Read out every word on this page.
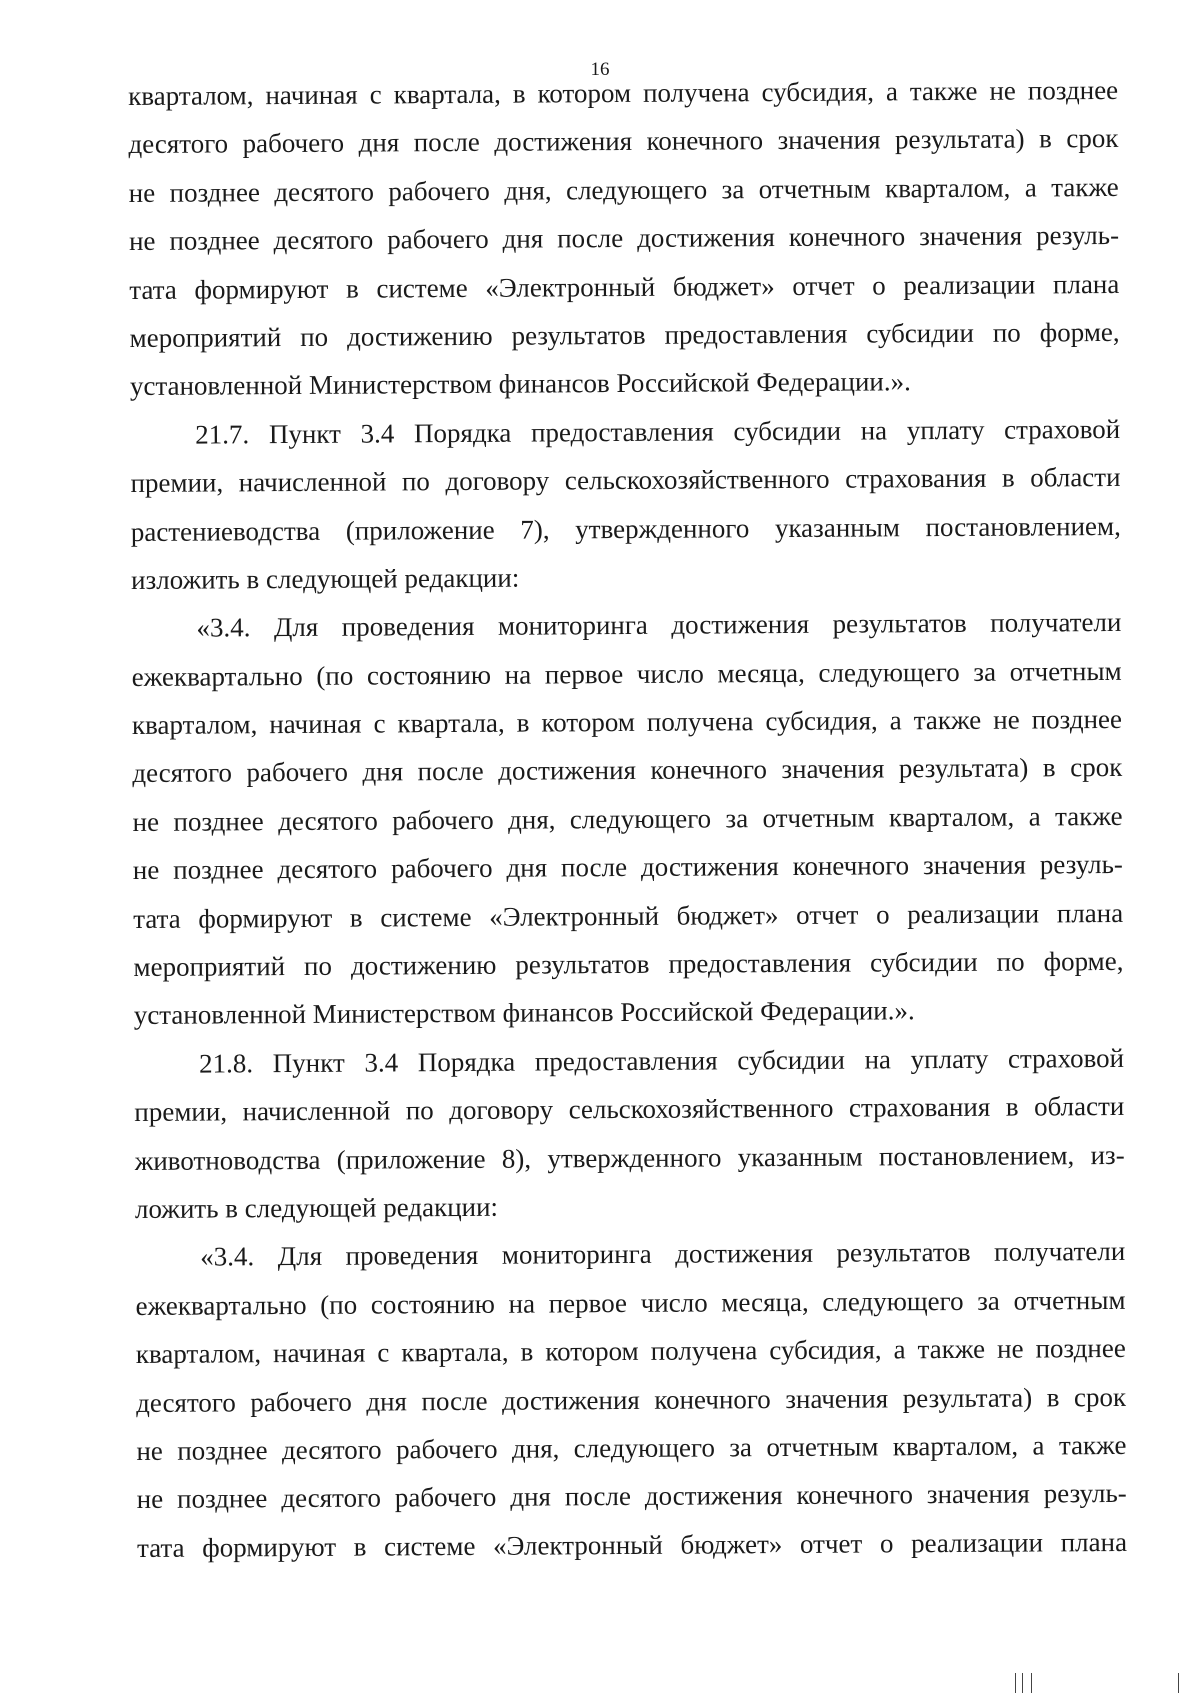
16
кварталом, начиная с квартала, в котором получена субсидия, а также не позднее
десятого рабочего дня после достижения конечного значения результата) в срок
не позднее десятого рабочего дня, следующего за отчетным кварталом, а также
не позднее десятого рабочего дня после достижения конечного значения резуль-
тата формируют в системе «Электронный бюджет» отчет о реализации плана
мероприятий по достижению результатов предоставления субсидии по форме,
установленной Министерством финансов Российской Федерации.».
21.7. Пункт 3.4 Порядка предоставления субсидии на уплату страховой
премии, начисленной по договору сельскохозяйственного страхования в области
растениеводства (приложение 7), утвержденного указанным постановлением,
изложить в следующей редакции:
«3.4. Для проведения мониторинга достижения результатов получатели
ежеквартально (по состоянию на первое число месяца, следующего за отчетным
кварталом, начиная с квартала, в котором получена субсидия, а также не позднее
десятого рабочего дня после достижения конечного значения результата) в срок
не позднее десятого рабочего дня, следующего за отчетным кварталом, а также
не позднее десятого рабочего дня после достижения конечного значения резуль-
тата формируют в системе «Электронный бюджет» отчет о реализации плана
мероприятий по достижению результатов предоставления субсидии по форме,
установленной Министерством финансов Российской Федерации.».
21.8. Пункт 3.4 Порядка предоставления субсидии на уплату страховой
премии, начисленной по договору сельскохозяйственного страхования в области
животноводства (приложение 8), утвержденного указанным постановлением, из-
ложить в следующей редакции:
«3.4. Для проведения мониторинга достижения результатов получатели
ежеквартально (по состоянию на первое число месяца, следующего за отчетным
кварталом, начиная с квартала, в котором получена субсидия, а также не позднее
десятого рабочего дня после достижения конечного значения результата) в срок
не позднее десятого рабочего дня, следующего за отчетным кварталом, а также
не позднее десятого рабочего дня после достижения конечного значения резуль-
тата формируют в системе «Электронный бюджет» отчет о реализации плана
